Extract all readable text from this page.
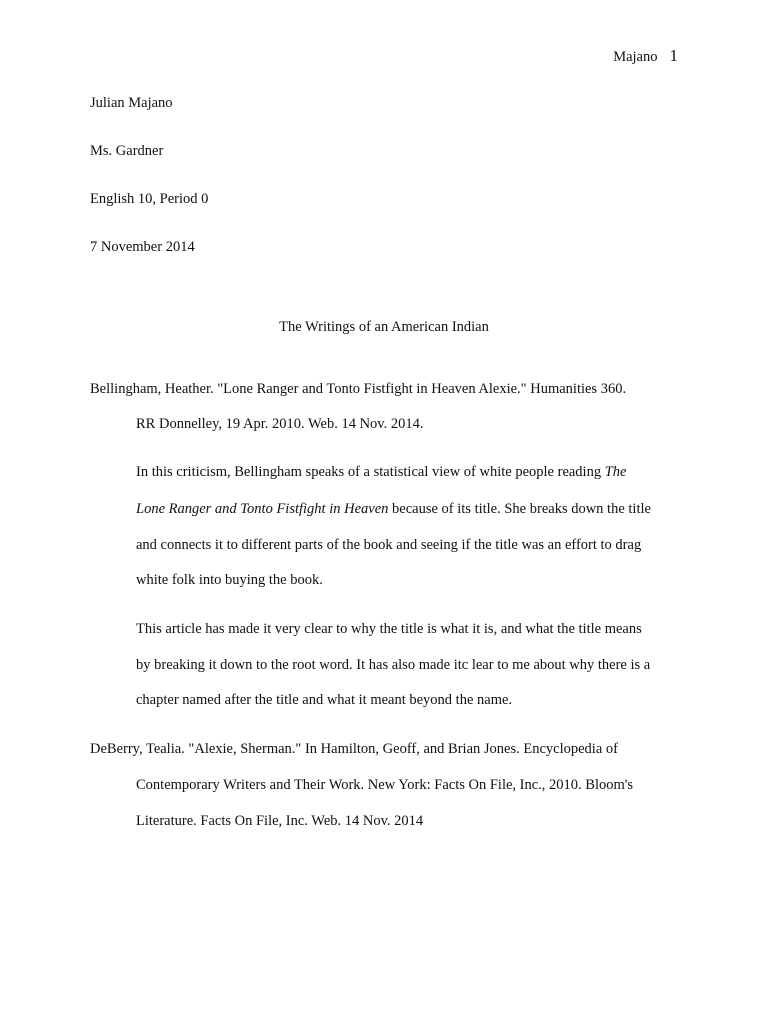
Majano 1
Julian Majano
Ms. Gardner
English 10, Period 0
7 November 2014
The Writings of an American Indian
Bellingham, Heather. "Lone Ranger and Tonto Fistfight in Heaven Alexie." Humanities 360.
RR Donnelley, 19 Apr. 2010. Web. 14 Nov. 2014.
In this criticism, Bellingham speaks of a statistical view of white people reading The
Lone Ranger and Tonto Fistfight in Heaven because of its title. She breaks down the title
and connects it to different parts of the book and seeing if the title was an effort to drag
white folk into buying the book.
This article has made it very clear to why the title is what it is, and what the title means
by breaking it down to the root word. It has also made itc lear to me about why there is a
chapter named after the title and what it meant beyond the name.
DeBerry, Tealia. "Alexie, Sherman." In Hamilton, Geoff, and Brian Jones. Encyclopedia of
Contemporary Writers and Their Work. New York: Facts On File, Inc., 2010. Bloom's
Literature. Facts On File, Inc. Web. 14 Nov. 2014
